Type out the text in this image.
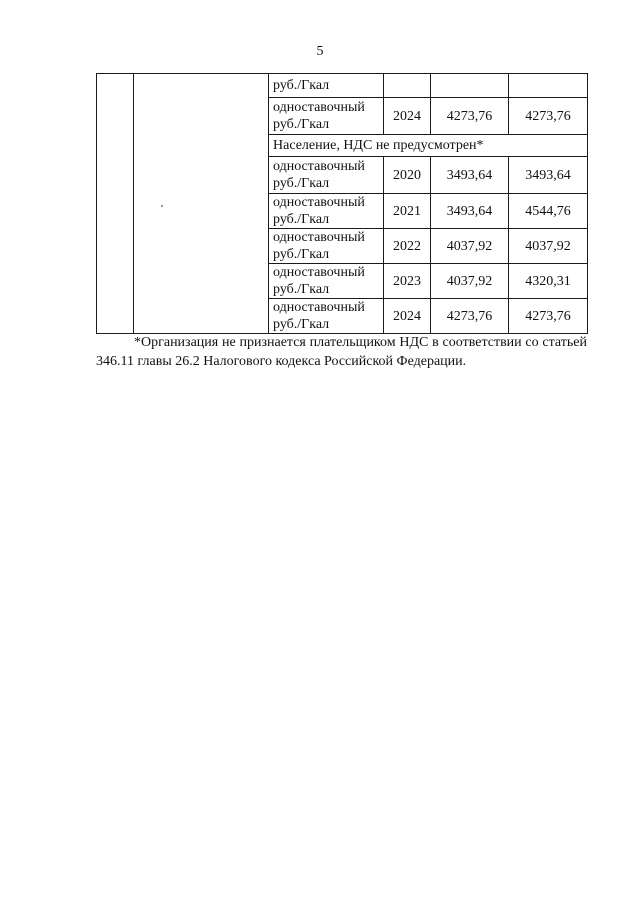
5
		руб./Гкал			

		одноставочный
руб./Гкал	2024	4273,76	4273,76
		Население, НДС не предусмотрен*			

		одноставочный
руб./Гкал	2020	3493,64	3493,64

		одноставочный
руб./Гкал	2021	3493,64	4544,76

		одноставочный
руб./Гкал	2022	4037,92	4037,92

		одноставочный
руб./Гкал	2023	4037,92	4320,31

		одноставочный
руб./Гкал	2024	4273,76	4273,76
*Организация не признается плательщиком НДС в соответствии со статьей 346.11 главы 26.2 Налогового кодекса Российской Федерации.
